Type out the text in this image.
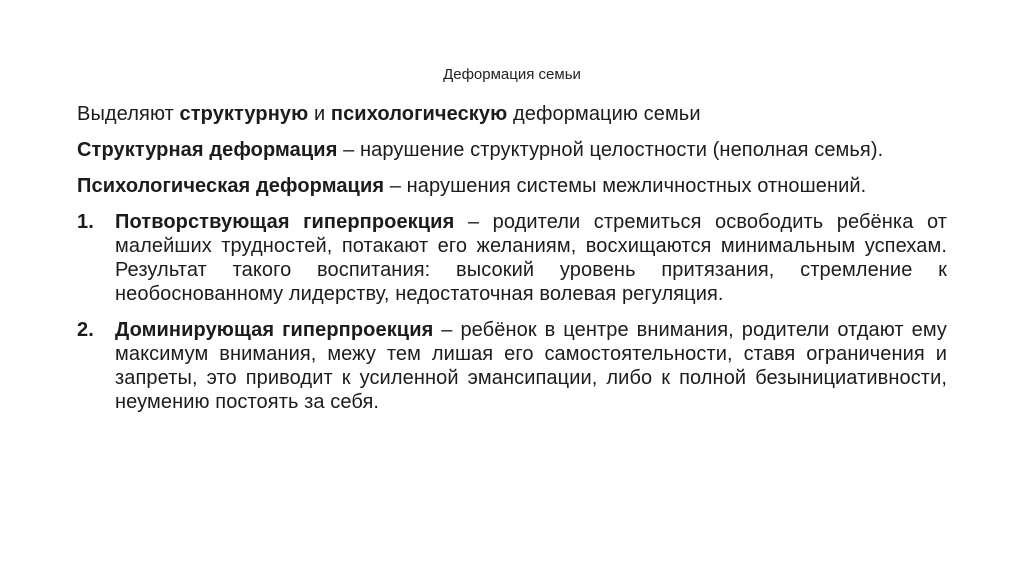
Деформация семьи

Выделяют структурную и психологическую деформацию семьи

Структурная деформация – нарушение структурной целостности (неполная семья).

Психологическая деформация – нарушения системы межличностных отношений.

1.	Потворствующая гиперпроекция – родители стремиться освободить ребёнка от малейших трудностей, потакают его желаниям, восхищаются минимальным успехам. Результат такого воспитания: высокий уровень притязания, стремление к необоснованному лидерству, недостаточная волевая регуляция.
2.	Доминирующая гиперпроекция – ребёнок в центре внимания, родители отдают ему максимум внимания, межу тем лишая его самостоятельности, ставя ограничения и запреты, это приводит к усиленной эмансипации, либо к полной безынициативности, неумению постоять за себя.
